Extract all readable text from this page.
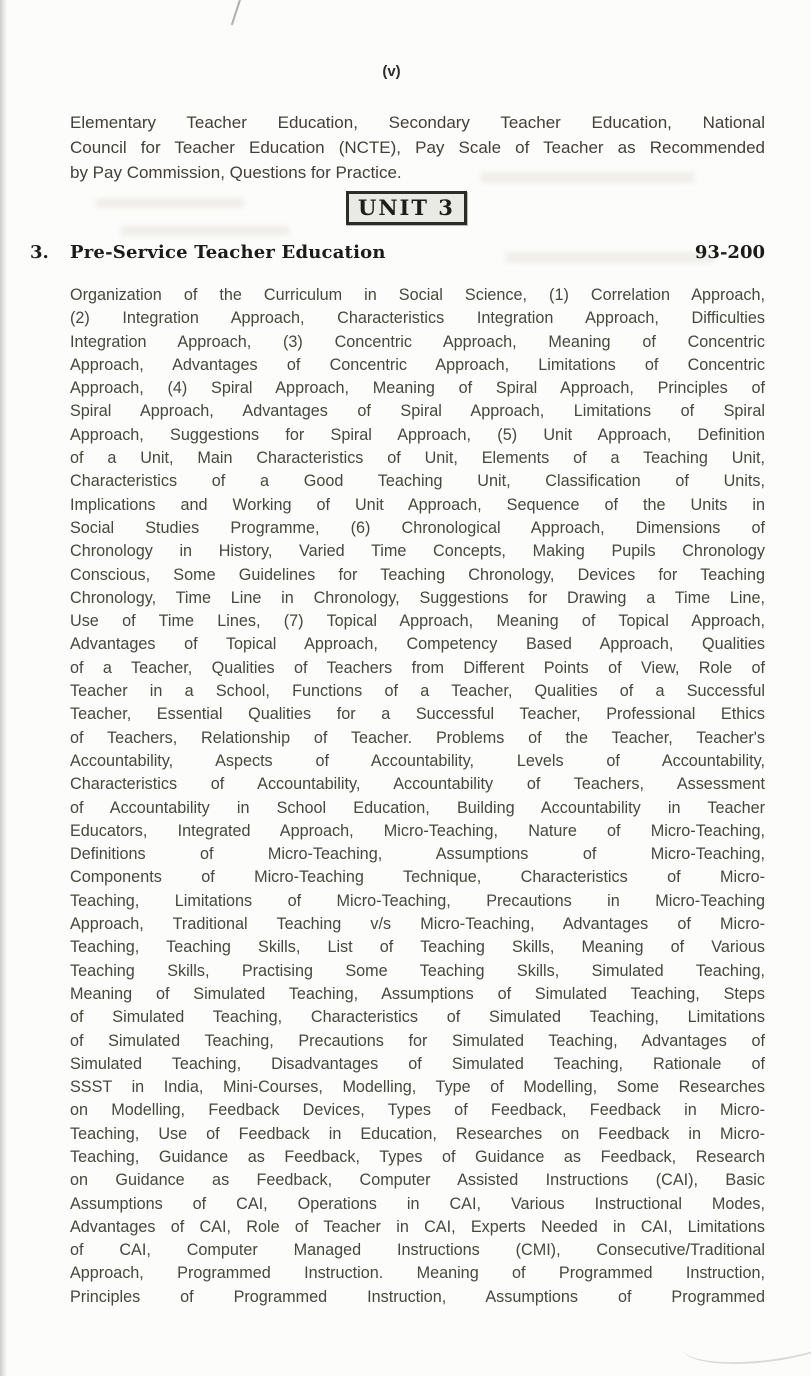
(v)
Elementary Teacher Education, Secondary Teacher Education, National
Council for Teacher Education (NCTE), Pay Scale of Teacher as Recommended
by Pay Commission, Questions for Practice.
UNIT 3
3.	Pre-Service Teacher Education	93-200
Organization of the Curriculum in Social Science, (1) Correlation Approach,
(2) Integration Approach, Characteristics Integration Approach, Difficulties
Integration Approach, (3) Concentric Approach, Meaning of Concentric
Approach, Advantages of Concentric Approach, Limitations of Concentric
Approach, (4) Spiral Approach, Meaning of Spiral Approach, Principles of
Spiral Approach, Advantages of Spiral Approach, Limitations of Spiral
Approach, Suggestions for Spiral Approach, (5) Unit Approach, Definition
of a Unit, Main Characteristics of Unit, Elements of a Teaching Unit,
Characteristics of a Good Teaching Unit, Classification of Units,
Implications and Working of Unit Approach, Sequence of the Units in
Social Studies Programme, (6) Chronological Approach, Dimensions of
Chronology in History, Varied Time Concepts, Making Pupils Chronology
Conscious, Some Guidelines for Teaching Chronology, Devices for Teaching
Chronology, Time Line in Chronology, Suggestions for Drawing a Time Line,
Use of Time Lines, (7) Topical Approach, Meaning of Topical Approach,
Advantages of Topical Approach, Competency Based Approach, Qualities
of a Teacher, Qualities of Teachers from Different Points of View, Role of
Teacher in a School, Functions of a Teacher, Qualities of a Successful
Teacher, Essential Qualities for a Successful Teacher, Professional Ethics
of Teachers, Relationship of Teacher. Problems of the Teacher, Teacher's
Accountability, Aspects of Accountability, Levels of Accountability,
Characteristics of Accountability, Accountability of Teachers, Assessment
of Accountability in School Education, Building Accountability in Teacher
Educators, Integrated Approach, Micro-Teaching, Nature of Micro-Teaching,
Definitions of Micro-Teaching, Assumptions of Micro-Teaching,
Components of Micro-Teaching Technique, Characteristics of Micro-
Teaching, Limitations of Micro-Teaching, Precautions in Micro-Teaching
Approach, Traditional Teaching v/s Micro-Teaching, Advantages of Micro-
Teaching, Teaching Skills, List of Teaching Skills, Meaning of Various
Teaching Skills, Practising Some Teaching Skills, Simulated Teaching,
Meaning of Simulated Teaching, Assumptions of Simulated Teaching, Steps
of Simulated Teaching, Characteristics of Simulated Teaching, Limitations
of Simulated Teaching, Precautions for Simulated Teaching, Advantages of
Simulated Teaching, Disadvantages of Simulated Teaching, Rationale of
SSST in India, Mini-Courses, Modelling, Type of Modelling, Some Researches
on Modelling, Feedback Devices, Types of Feedback, Feedback in Micro-
Teaching, Use of Feedback in Education, Researches on Feedback in Micro-
Teaching, Guidance as Feedback, Types of Guidance as Feedback, Research
on Guidance as Feedback, Computer Assisted Instructions (CAI), Basic
Assumptions of CAI, Operations in CAI, Various Instructional Modes,
Advantages of CAI, Role of Teacher in CAI, Experts Needed in CAI, Limitations
of CAI, Computer Managed Instructions (CMI), Consecutive/Traditional
Approach, Programmed Instruction. Meaning of Programmed Instruction,
Principles of Programmed Instruction, Assumptions of Programmed
